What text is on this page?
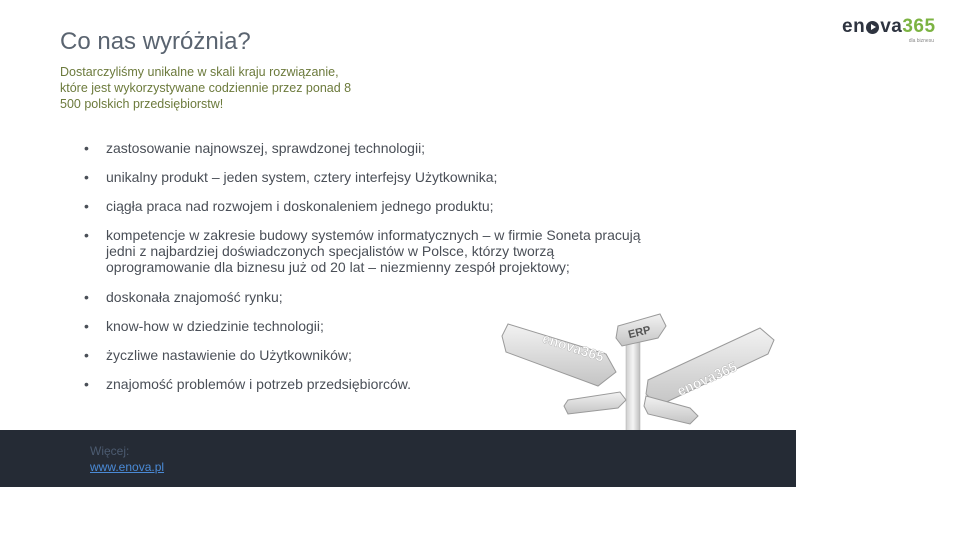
Co nas wyróżnia?
Dostarczyliśmy unikalne w skali kraju rozwiązanie, które jest wykorzystywane codziennie przez ponad 8 500 polskich przedsiębiorstw!
en va 365
dla biznesu
• zastosowanie najnowszej, sprawdzonej technologii;
• unikalny produkt – jeden system, cztery interfejsy Użytkownika;
• ciągła praca nad rozwojem i doskonaleniem jednego produktu;
• kompetencje w zakresie budowy systemów informatycznych – w firmie Soneta pracują jedni z najbardziej doświadczonych specjalistów w Polsce, którzy tworzą oprogramowanie dla biznesu już od 20 lat – niezmienny zespół projektowy;
• doskonała znajomość rynku;
• know-how w dziedzinie technologii;
• życzliwe nastawienie do Użytkowników;
• znajomość problemów i potrzeb przedsiębiorców.
ERP
enova365
enova365
Więcej:
www.enova.pl
